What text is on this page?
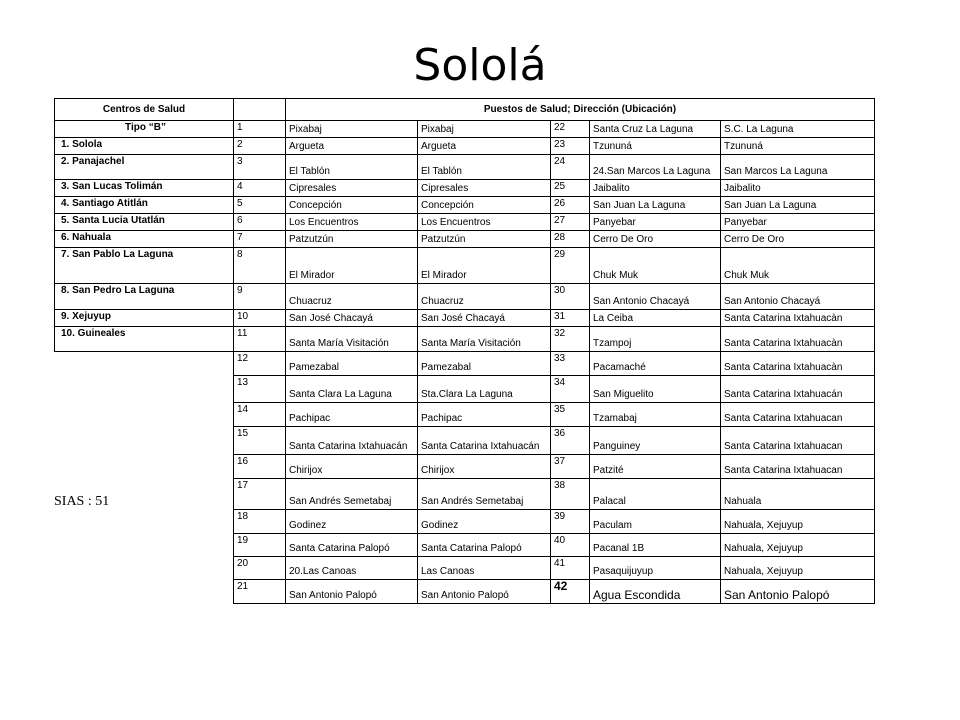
Sololá
Centros de Salud		Puestos de Salud; Dirección (Ubicación)				
Tipo “B”	1	Pixabaj	Pixabaj	22	Santa Cruz La Laguna	S.C. La Laguna
1. Solola	2	Argueta	Argueta	23	Tzununá	Tzununá
2. Panajachel	3	El Tablón	El Tablón	24	24.San Marcos La Laguna	San Marcos La Laguna
3. San Lucas Tolimán	4	Cipresales	Cipresales	25	Jaibalito	Jaibalito
4. Santiago Atitlán	5	Concepción	Concepción	26	San Juan La Laguna	San Juan La Laguna
5. Santa Lucia Utatlán	6	Los Encuentros	Los Encuentros	27	Panyebar	Panyebar
6. Nahuala	7	Patzutzún	Patzutzún	28	Cerro De Oro	Cerro De Oro
7. San Pablo La Laguna	8	El Mirador	El Mirador	29	Chuk Muk	Chuk Muk
8. San Pedro La Laguna	9	Chuacruz	Chuacruz	30	San Antonio Chacayá	San Antonio Chacayá
9. Xejuyup	10	San José Chacayá	San José Chacayá	31	La Ceiba	Santa Catarina Ixtahuacàn
10. Guineales	11	Santa María Visitación	Santa María Visitación	32	Tzampoj	Santa Catarina Ixtahuacàn
	12	Pamezabal	Pamezabal	33	Pacamaché	Santa Catarina Ixtahuacàn
	13	Santa Clara La Laguna	Sta.Clara La Laguna	34	San Miguelito	Santa Catarina Ixtahuacán
	14	Pachipac	Pachipac	35	Tzamabaj	Santa Catarina Ixtahuacan
	15	Santa Catarina Ixtahuacán	Santa Catarina Ixtahuacán	36	Panguiney	Santa Catarina Ixtahuacan
	16	Chirijox	Chirijox	37	Patzité	Santa Catarina Ixtahuacan
	17	San Andrés Semetabaj	San Andrés Semetabaj	38	Palacal	Nahuala
	18	Godinez	Godinez	39	Paculam	Nahuala, Xejuyup
	19	Santa Catarina Palopó	Santa Catarina Palopó	40	Pacanal 1B	Nahuala, Xejuyup
	20	20.Las Canoas	Las Canoas	41	Pasaquijuyup	Nahuala, Xejuyup
	21	San Antonio Palopó	San Antonio Palopó	42	Agua Escondida	San Antonio Palopó
SIAS : 51
